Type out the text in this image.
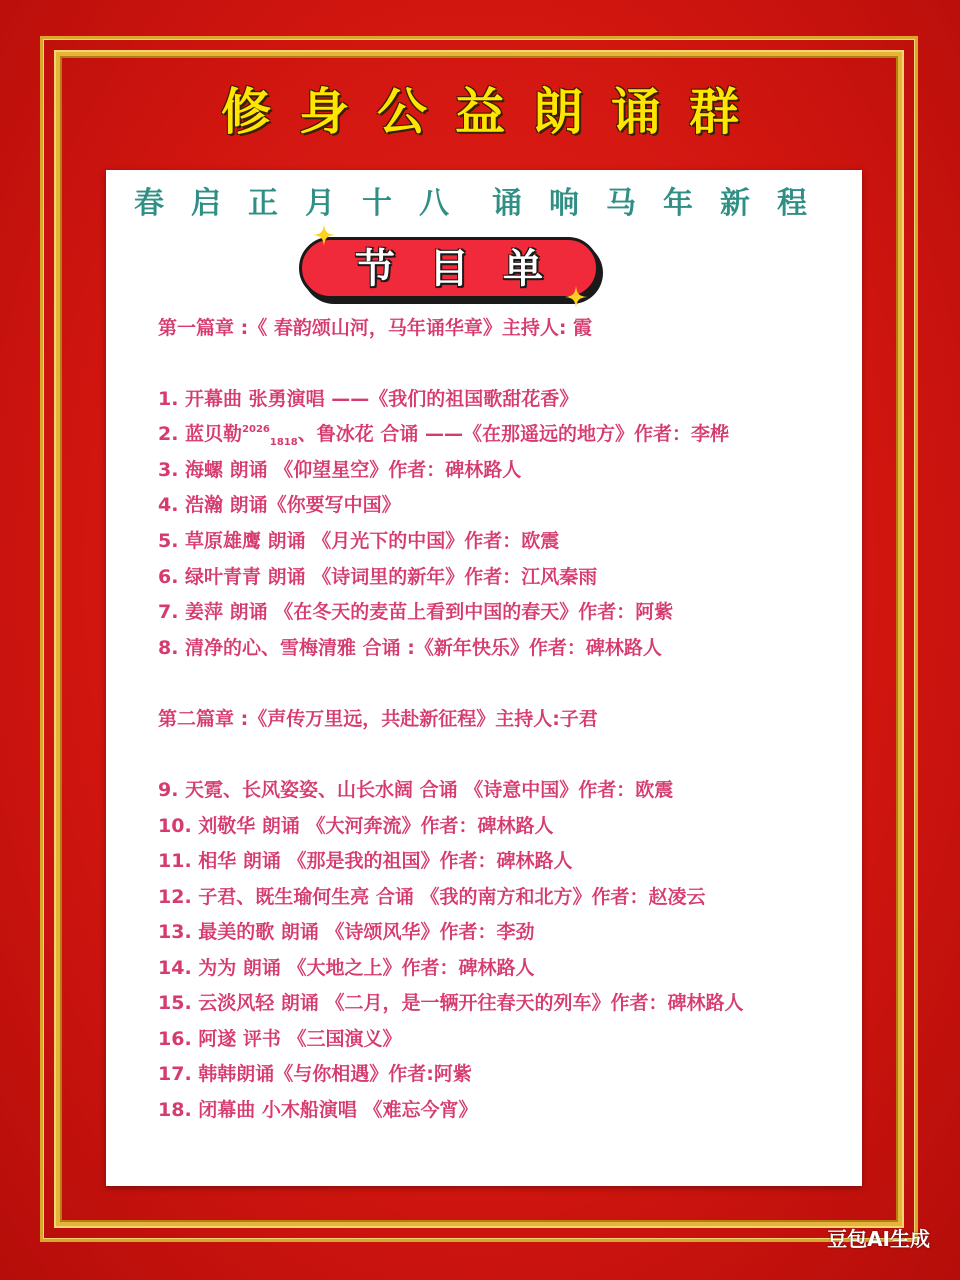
修身公益朗诵群
春启正月十八 诵响马年新程
节目单
第一篇章 :《 春韵颂山河，马年诵华章》主持人: 霞
1. 开幕曲 张勇演唱 ——《我们的祖国歌甜花香》
2. 蓝贝勒$^{2026}_{1818}$、鲁冰花 合诵 ——《在那遥远的地方》作者：李桦
3. 海螺 朗诵 《仰望星空》作者：碑林路人
4. 浩瀚 朗诵《你要写中国》
5. 草原雄鹰 朗诵 《月光下的中国》作者：欧震
6. 绿叶青青 朗诵 《诗词里的新年》作者：江风秦雨
7. 姜萍 朗诵 《在冬天的麦苗上看到中国的春天》作者：阿紫
8. 清净的心、雪梅清雅 合诵 :《新年快乐》作者：碑林路人
第二篇章 :《声传万里远，共赴新征程》主持人:子君
9. 天霓、长风姿姿、山长水阔 合诵 《诗意中国》作者：欧震
10. 刘敬华 朗诵 《大河奔流》作者：碑林路人
11. 相华 朗诵 《那是我的祖国》作者：碑林路人
12. 子君、既生瑜何生亮 合诵 《我的南方和北方》作者：赵凌云
13. 最美的歌 朗诵 《诗颂风华》作者：李劲
14. 为为 朗诵 《大地之上》作者：碑林路人
15. 云淡风轻 朗诵 《二月，是一辆开往春天的列车》作者：碑林路人
16. 阿遂 评书 《三国演义》
17. 韩韩朗诵《与你相遇》作者:阿紫
18. 闭幕曲 小木船演唱 《难忘今宵》
豆包AI生成
